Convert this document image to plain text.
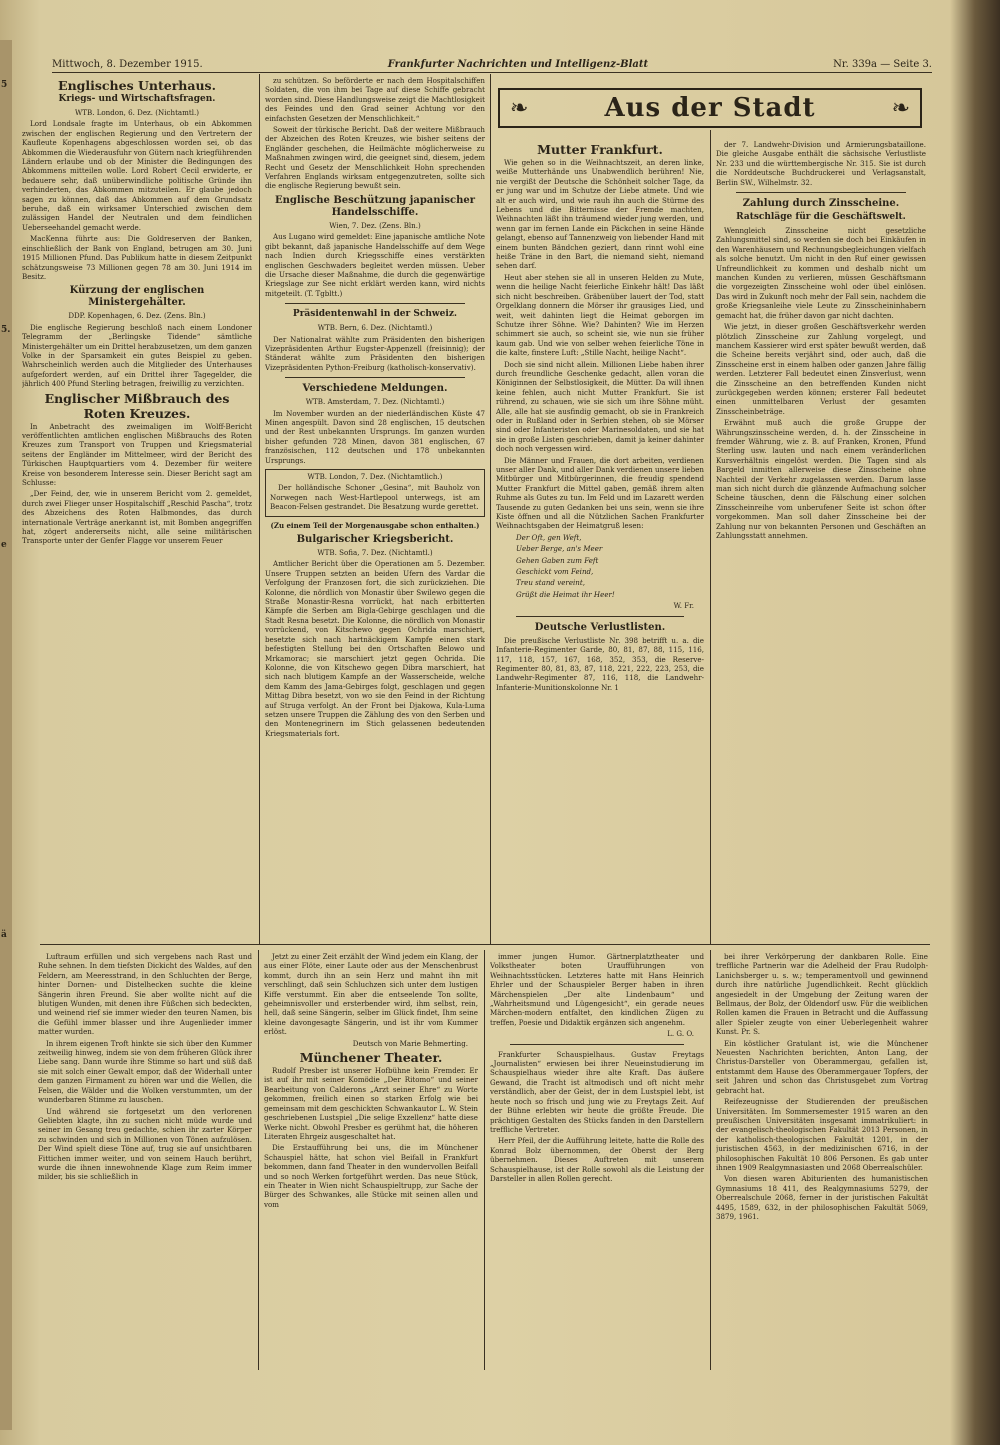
5
5.
e
ä
Mittwoch, 8. Dezember 1915.	Frankfurter Nachrichten und Intelligenz-Blatt	Nr. 339a — Seite 3.
Englisches Unterhaus.
Kriegs- und Wirtschaftsfragen.
WTB. London, 6. Dez. (Nichtamtl.)

Lord Londsale fragte im Unterhaus, ob ein Abkommen zwischen der englischen Regierung und den Vertretern der Kaufleute Kopenhagens abgeschlossen worden sei, ob das Abkommen die Wiederausfuhr von Gütern nach kriegführenden Ländern erlaube und ob der Minister die Bedingungen des Abkommens mitteilen wolle. Lord Robert Cecil erwiderte, er bedauere sehr, daß unüberwindliche politische Gründe ihn verhinderten, das Abkommen mitzuteilen. Er glaube jedoch sagen zu können, daß das Abkommen auf dem Grundsatz beruhe, daß ein wirksamer Unterschied zwischen dem zulässigen Handel der Neutralen und dem feindlichen Ueberseehandel gemacht werde.

MacKenna führte aus: Die Goldreserven der Banken, einschließlich der Bank von England, betrugen am 30. Juni 1915 Millionen Pfund. Das Publikum hatte in diesem Zeitpunkt schätzungsweise 73 Millionen gegen 78 am 30. Juni 1914 im Besitz.

Kürzung der englischen Ministergehälter.
DDP. Kopenhagen, 6. Dez. (Zens. Bln.)

Die englische Regierung beschloß nach einem Londoner Telegramm der „Berlingske Tidende“ sämtliche Ministergehälter um ein Drittel herabzusetzen, um dem ganzen Volke in der Sparsamkeit ein gutes Beispiel zu geben. Wahrscheinlich werden auch die Mitglieder des Unterhauses aufgefordert werden, auf ein Drittel ihrer Tagegelder, die jährlich 400 Pfund Sterling betragen, freiwillig zu verzichten.

Englischer Mißbrauch des Roten Kreuzes.

In Anbetracht des zweimaligen im Wolff-Bericht veröffentlichten amtlichen englischen Mißbrauchs des Roten Kreuzes zum Transport von Truppen und Kriegsmaterial seitens der Engländer im Mittelmeer, wird der Bericht des Türkischen Hauptquartiers vom 4. Dezember für weitere Kreise von besonderem Interesse sein. Dieser Bericht sagt am Schlusse:

„Der Feind, der, wie in unserem Bericht vom 2. gemeldet, durch zwei Flieger unser Hospitalschiff „Reschid Pascha“, trotz des Abzeichens des Roten Halbmondes, das durch internationale Verträge anerkannt ist, mit Bomben angegriffen hat, zögert andererseits nicht, alle seine militärischen Transporte unter der Genfer Flagge vor unserem Feuer

zu schützen. So beförderte er nach dem Hospitalschiffen Soldaten, die von ihm bei Tage auf diese Schiffe gebracht worden sind. Diese Handlungsweise zeigt die Machtlosigkeit des Feindes und den Grad seiner Achtung vor den einfachsten Gesetzen der Menschlichkeit.“

Soweit der türkische Bericht. Daß der weitere Mißbrauch der Abzeichen des Roten Kreuzes, wie bisher seitens der Engländer geschehen, die Heilmächte möglicherweise zu Maßnahmen zwingen wird, die geeignet sind, diesem, jedem Recht und Gesetz der Menschlichkeit Hohn sprechenden Verfahren Englands wirksam entgegenzutreten, sollte sich die englische Regierung bewußt sein.

Englische Beschützung japanischer Handelsschiffe.
Wien, 7. Dez. (Zens. Bln.)

Aus Lugano wird gemeldet: Eine japanische amtliche Note gibt bekannt, daß japanische Handelsschiffe auf dem Wege nach Indien durch Kriegsschiffe eines verstärkten englischen Geschwaders begleitet werden müssen. Ueber die Ursache dieser Maßnahme, die durch die gegenwärtige Kriegslage zur See nicht erklärt werden kann, wird nichts mitgeteilt. (T. Tgbltt.)

Präsidentenwahl in der Schweiz.
WTB. Bern, 6. Dez. (Nichtamtl.)

Der Nationalrat wählte zum Präsidenten den bisherigen Vizepräsidenten Arthur Eugster-Appenzell (freisinnig); der Ständerat wählte zum Präsidenten den bisherigen Vizepräsidenten Python-Freiburg (katholisch-konservativ).

Verschiedene Meldungen.
WTB. Amsterdam, 7. Dez. (Nichtamtl.)

Im November wurden an der niederländischen Küste 47 Minen angespült. Davon sind 28 englischen, 15 deutschen und der Rest unbekannten Ursprungs. Im ganzen wurden bisher gefunden 728 Minen, davon 381 englischen, 67 französischen, 112 deutschen und 178 unbekannten Ursprungs.

WTB. London, 7. Dez. (Nichtamtlich.)

Der holländische Schoner „Gesina“, mit Bauholz von Norwegen nach West-Hartlepool unterwegs, ist am Beacon-Felsen gestrandet. Die Besatzung wurde gerettet.

(Zu einem Teil der Morgenausgabe schon enthalten.)
Bulgarischer Kriegsbericht.
WTB. Sofia, 7. Dez. (Nichtamtl.)

Amtlicher Bericht über die Operationen am 5. Dezember. Unsere Truppen setzten an beiden Ufern des Vardar die Verfolgung der Franzosen fort, die sich zurückziehen. Die Kolonne, die nördlich von Monastir über Swilewo gegen die Straße Monastir-Resna vorrückt, hat nach erbitterten Kämpfe die Serben am Bigla-Gebirge geschlagen und die Stadt Resna besetzt. Die Kolonne, die nördlich von Monastir vorrückend, von Kitschewo gegen Ochrida marschiert, besetzte sich nach hartnäckigem Kampfe einen stark befestigten Stellung bei den Ortschaften Belowo und Mrkamorac; sie marschiert jetzt gegen Ochrida. Die Kolonne, die von Kitschewo gegen Dibra marschiert, hat sich nach blutigem Kampfe an der Wasserscheide, welche dem Kamm des Jama-Gebirges folgt, geschlagen und gegen Mittag Dibra besetzt, von wo sie den Feind in der Richtung auf Struga verfolgt. An der Front bei Djakowa, Kula-Luma setzen unsere Truppen die Zählung des von den Serben und den Montenegrinern im Stich gelassenen bedeutenden Kriegsmaterials fort.

❧	Aus der Stadt	❧
Mutter Frankfurt.

Wie gehen so in die Weihnachtszeit, an deren linke, weiße Mutterhände uns Unabwendlich berühren! Nie, nie vergißt der Deutsche die Schönheit solcher Tage, da er jung war und im Schutze der Liebe atmete. Und wie alt er auch wird, und wie rauh ihn auch die Stürme des Lebens und die Bitternisse der Fremde machten, Weihnachten läßt ihn träumend wieder jung werden, und wenn gar im fernen Lande ein Päckchen in seine Hände gelangt, ebenso auf Tannenzweig von liebender Hand mit einem bunten Bändchen geziert, dann rinnt wohl eine heiße Träne in den Bart, die niemand sieht, niemand sehen darf.

Heut aber stehen sie all in unseren Helden zu Mute, wenn die heilige Nacht feierliche Einkehr hält! Das läßt sich nicht beschreiben. Gräbenüber lauert der Tod, statt Orgelklang donnern die Mörser ihr grausiges Lied, und weit, weit dahinten liegt die Heimat geborgen im Schutze ihrer Söhne. Wie? Dahinten? Wie im Herzen schimmert sie auch, so scheint sie, wie nun sie früher kaum gab. Und wie von selber wehen feierliche Töne in die kalte, finstere Luft: „Stille Nacht, heilige Nacht“.

Doch sie sind nicht allein. Millionen Liebe haben ihrer durch freundliche Geschenke gedacht, allen voran die Königinnen der Selbstlosigkeit, die Mütter. Da will ihnen keine fehlen, auch nicht Mutter Frankfurt. Sie ist rührend, zu schauen, wie sie sich um ihre Söhne müht. Alle, alle hat sie ausfindig gemacht, ob sie in Frankreich oder in Rußland oder in Serbien stehen, ob sie Mörser sind oder Infanteristen oder Marinesoldaten, und sie hat sie in große Listen geschrieben, damit ja keiner dahinter doch noch vergessen wird.

Die Männer und Frauen, die dort arbeiten, verdienen unser aller Dank, und aller Dank verdienen unsere lieben Mitbürger und Mitbürgerinnen, die freudig spendend Mutter Frankfurt die Mittel gaben, gemäß ihrem alten Ruhme als Gutes zu tun. Im Feld und im Lazarett werden Tausende zu guten Gedanken bei uns sein, wenn sie ihre Kiste öffnen und all die Nützlichen Sachen Frankfurter Weihnachtsgaben der Heimatgruß lesen:

Der Oft, gen Weft,
Ueber Berge, an's Meer
Gehen Gaben zum Feft
Geschickt vom Feind,
Treu stand vereint,
Grüßt die Heimat ihr Heer!
W. Fr.
Deutsche Verlustlisten.

Die preußische Verlustliste Nr. 398 betrifft u. a. die Infanterie-Regimenter Garde, 80, 81, 87, 88, 115, 116, 117, 118, 157, 167, 168, 352, 353, die Reserve-Regimenter 80, 81, 83, 87, 118, 221, 222, 223, 253, die Landwehr-Regimenter 87, 116, 118, die Landwehr-Infanterie-Munitionskolonne Nr. 1

der 7. Landwehr-Division und Armierungsbataillone. Die gleiche Ausgabe enthält die sächsische Verlustliste Nr. 233 und die württembergische Nr. 315. Sie ist durch die Norddeutsche Buchdruckerei und Verlagsanstalt, Berlin SW., Wilhelmstr. 32.

Zahlung durch Zinsscheine.
Ratschläge für die Geschäftswelt.

Wenngleich Zinsscheine nicht gesetzliche Zahlungsmittel sind, so werden sie doch bei Einkäufen in den Warenhäusern und Rechnungsbegleichungen vielfach als solche benutzt. Um nicht in den Ruf einer gewissen Unfreundlichkeit zu kommen und deshalb nicht um manchen Kunden zu verlieren, müssen Geschäftsmann die vorgezeigten Zinsscheine wohl oder übel einlösen. Das wird in Zukunft noch mehr der Fall sein, nachdem die große Kriegsanleihe viele Leute zu Zinsscheininhabern gemacht hat, die früher davon gar nicht dachten.

Wie jetzt, in dieser großen Geschäftsverkehr werden plötzlich Zinsscheine zur Zahlung vorgelegt, und manchem Kassierer wird erst später bewußt werden, daß die Scheine bereits verjährt sind, oder auch, daß die Zinsscheine erst in einem halben oder ganzen Jahre fällig werden. Letzterer Fall bedeutet einen Zinsverlust, wenn die Zinsscheine an den betreffenden Kunden nicht zurückgegeben werden können; ersterer Fall bedeutet einen unmittelbaren Verlust der gesamten Zinsscheinbeträge.

Erwähnt muß auch die große Gruppe der Währungszinsscheine werden, d. h. der Zinsscheine in fremder Währung, wie z. B. auf Franken, Kronen, Pfund Sterling usw. lauten und nach einem veränderlichen Kursverhältnis eingelöst werden. Die Tagen sind als Bargeld inmitten allerweise diese Zinsscheine ohne Nachteil der Verkehr zugelassen werden. Darum lasse man sich nicht durch die glänzende Aufmachung solcher Scheine täuschen, denn die Fälschung einer solchen Zinsscheinreihe vom unberufener Seite ist schon öfter vorgekommen. Man soll daher Zinsscheine bei der Zahlung nur von bekannten Personen und Geschäften an Zahlungsstatt annehmen.

Luftraum erfüllen und sich vergebens nach Rast und Ruhe sehnen. In dem tiefsten Dickicht des Waldes, auf den Feldern, am Meeresstrand, in den Schluchten der Berge, hinter Dornen- und Distelhecken suchte die kleine Sängerin ihren Freund. Sie aber wollte nicht auf die blutigen Wunden, mit denen ihre Füßchen sich bedeckten, und weinend rief sie immer wieder den teuren Namen, bis die Gefühl immer blasser und ihre Augenlieder immer matter wurden.

In ihrem eigenen Troft hinkte sie sich über den Kummer zeitweilig hinweg, indem sie von dem früheren Glück ihrer Liebe sang. Dann wurde ihre Stimme so hart und süß daß sie mit solch einer Gewalt empor, daß der Widerhall unter dem ganzen Firmament zu hören war und die Wellen, die Felsen, die Wälder und die Wolken verstummten, um der wunderbaren Stimme zu lauschen.

Und während sie fortgesetzt um den verlorenen Geliebten klagte, ihn zu suchen nicht müde wurde und seiner im Gesang treu gedachte, schien ihr zarter Körper zu schwinden und sich in Millionen von Tönen aufzulösen. Der Wind spielt diese Töne auf, trug sie auf unsichtbaren Fittichen immer weiter, und von seinem Hauch berührt, wurde die ihnen innewohnende Klage zum Reim immer milder, bis sie schließlich in

Jetzt zu einer Zeit erzählt der Wind jedem ein Klang, der aus einer Flöte, einer Laute oder aus der Menschenbrust kommt, durch ihn an sein Herz und mahnt ihn mit verschlingt, daß sein Schluchzen sich unter dem lustigen Kiffe verstummt. Ein aber die entseelende Ton sollte, geheimnisvoller und ersterbender wird, ihm selbst, rein, hell, daß seine Sängerin, selber im Glück findet, Ihm seine kleine davongesagte Sängerin, und ist ihr vom Kummer erlöst.

Deutsch von Marie Behmerting.
Münchener Theater.

Rudolf Presber ist unserer Hofbühne kein Fremder. Er ist auf ihr mit seiner Komödie „Der Ritomo“ und seiner Bearbeitung von Calderons „Arzt seiner Ehre“ zu Worte gekommen, freilich einen so starken Erfolg wie bei gemeinsam mit dem geschickten Schwankautor L. W. Stein geschriebenen Lustspiel „Die selige Exzellenz“ hatte diese Werke nicht. Obwohl Presber es gerühmt hat, die höheren Literaten Ehrgeiz ausgeschaltet hat.

Die Erstaufführung bei uns, die im Münchener Schauspiel hätte, hat schon viel Beifall in Frankfurt bekommen, dann fand Theater in den wundervollen Beifall und so noch Werken fortgeführt werden. Das neue Stück, ein Theater in Wien nicht Schauspieltrupp, zur Sache der Bürger des Schwankes, alle Stücke mit seinen allen und vom

immer jungen Humor. Gärtnerplatztheater und Volkstheater boten Uraufführungen von Weihnachtsstücken. Letzteres hatte mit Hans Heinrich Ehrler und der Schauspieler Berger haben in ihren Märchenspielen „Der alte Lindenbaum“ und „Wahrheitsmund und Lügengesicht“, ein gerade neues Märchen-modern entfaltet, den kindlichen Zügen zu treffen, Poesie und Didaktik ergänzen sich angenehm.

L. G. O.

Frankfurter Schauspielhaus. Gustav Freytags „Journalisten“ erwiesen bei ihrer Neueinstudierung im Schauspielhaus wieder ihre alte Kraft. Das äußere Gewand, die Tracht ist altmodisch und oft nicht mehr verständlich, aber der Geist, der in dem Lustspiel lebt, ist heute noch so frisch und jung wie zu Freytags Zeit. Auf der Bühne erlebten wir heute die größte Freude. Die prächtigen Gestalten des Stücks fanden in den Darstellern treffliche Vertreter.

Herr Pfeil, der die Aufführung leitete, hatte die Rolle des Konrad Bolz übernommen, der Oberst der Berg übernehmen. Dieses Auftreten mit unserem Schauspielhause, ist der Rolle sowohl als die Leistung der Darsteller in allen Rollen gerecht.

bei ihrer Verkörperung der dankbaren Rolle. Eine treffliche Partnerin war die Adelheid der Frau Rudolph-Lanichsberger u. s. w.; temperamentvoll und gewinnend durch ihre natürliche Jugendlichkeit. Recht glücklich angesiedelt in der Umgebung der Zeitung waren der Bellmaus, der Bolz, der Oldendorf usw. Für die weiblichen Rollen kamen die Frauen in Betracht und die Auffassung aller Spieler zeugte von einer Ueberlegenheit wahrer Kunst. Pr. S.

Ein köstlicher Gratulant ist, wie die Münchener Neuesten Nachrichten berichten, Anton Lang, der Christus-Darsteller von Oberammergau, gefallen ist, entstammt dem Hause des Oberammergauer Topfers, der seit Jahren und schon das Christusgebet zum Vortrag gebracht hat.

Reifezeugnisse der Studierenden der preußischen Universitäten. Im Sommersemester 1915 waren an den preußischen Universitäten insgesamt immatrikuliert: in der evangelisch-theologischen Fakultät 2013 Personen, in der katholisch-theologischen Fakultät 1201, in der juristischen 4563, in der medizinischen 6716, in der philosophischen Fakultät 10 806 Personen. Es gab unter ihnen 1909 Realgymnasiasten und 2068 Oberrealschüler.

Von diesen waren Abiturienten des humanistischen Gymnasiums 18 411, des Realgymnasiums 5279, der Oberrealschule 2068, ferner in der juristischen Fakultät 4495, 1589, 632, in der philosophischen Fakultät 5069, 3879, 1961.
